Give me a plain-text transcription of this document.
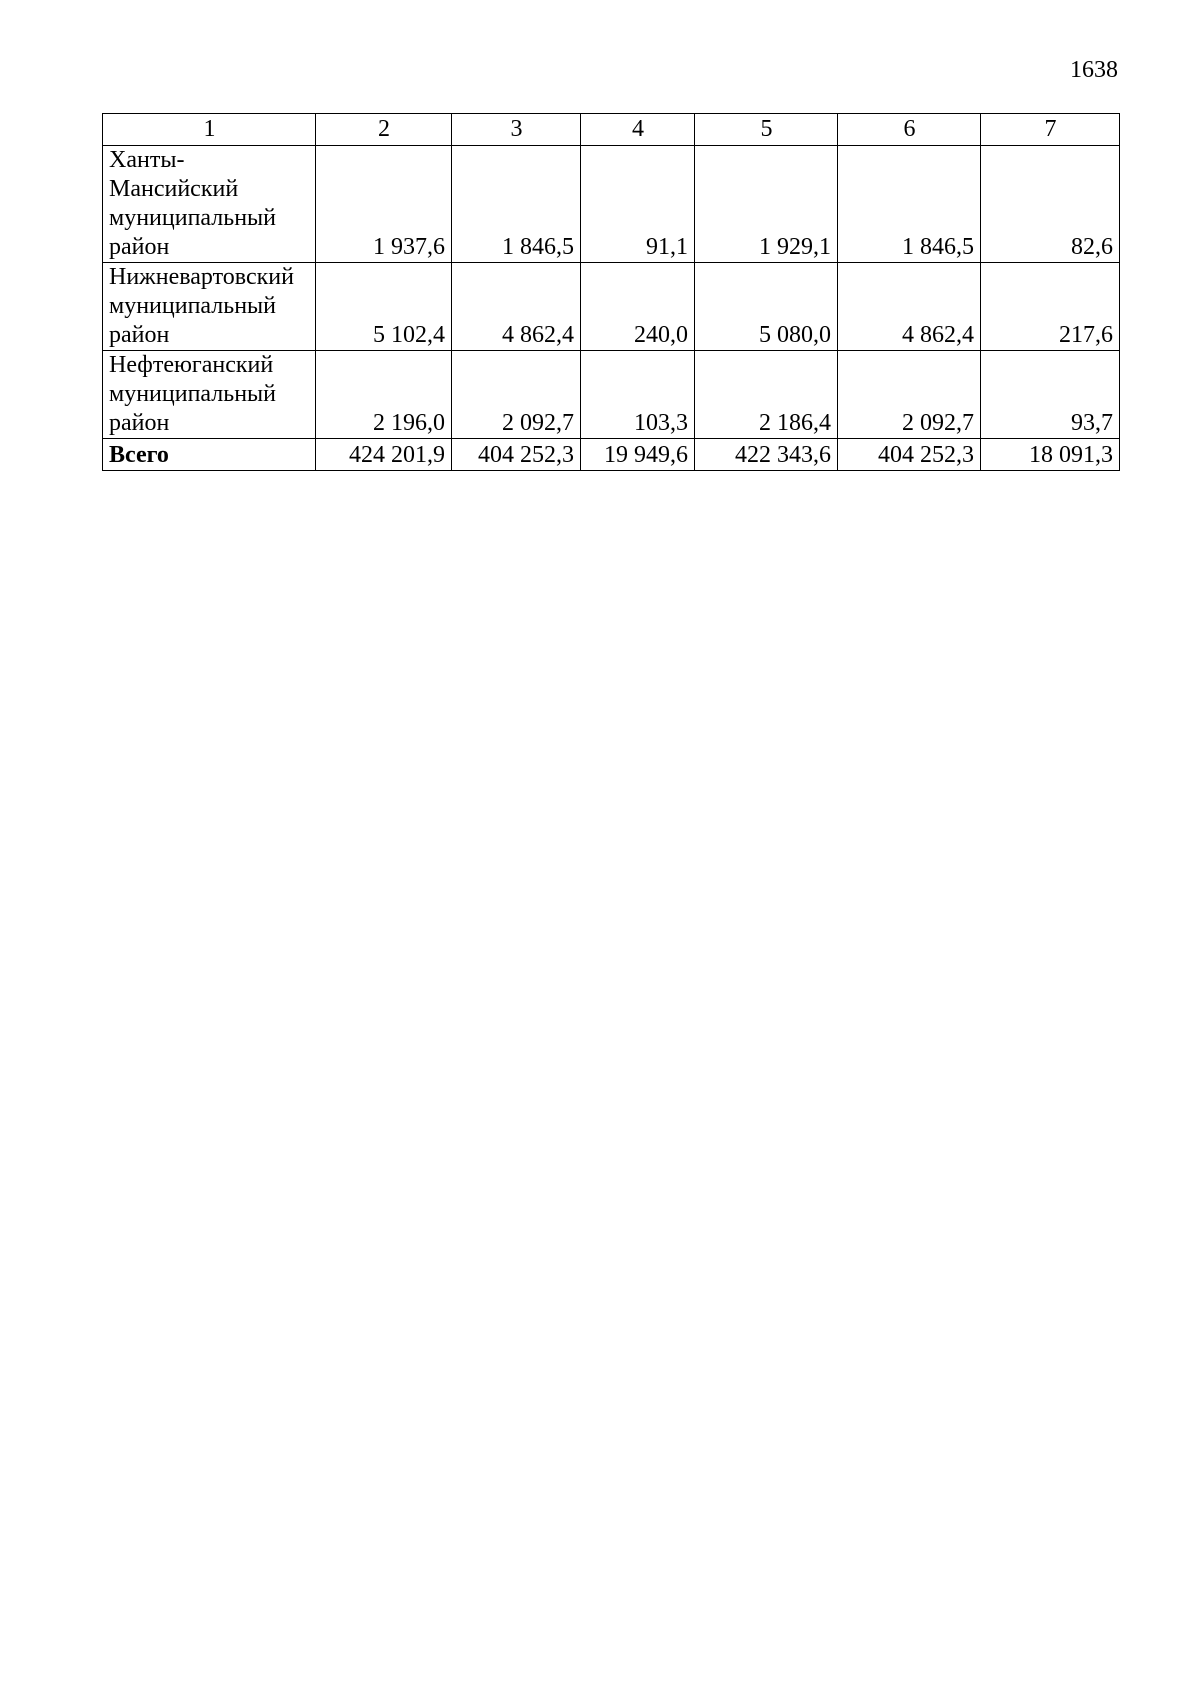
1638
1	2	3	4	5	6	7

Ханты-
Мансийский
муниципальный
район	1 937,6	1 846,5	91,1	1 929,1	1 846,5	82,6

Нижневартовский
муниципальный
район	5 102,4	4 862,4	240,0	5 080,0	4 862,4	217,6

Нефтеюганский
муниципальный
район	2 196,0	2 092,7	103,3	2 186,4	2 092,7	93,7
Всего	424 201,9	404 252,3	19 949,6	422 343,6	404 252,3	18 091,3
